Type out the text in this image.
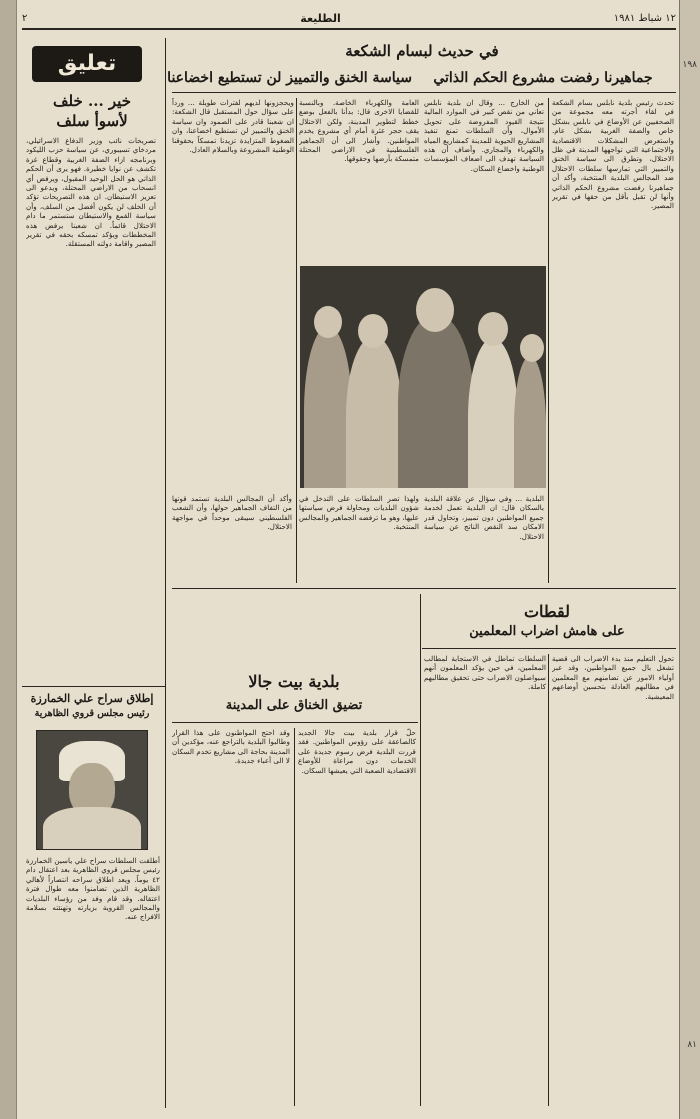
١٩٨
٨١
٢	الطليعة	١٢ شباط ١٩٨١
تعليق
خير ... خلف
لأسوأ سلف
تصريحات نائب وزير الدفاع الاسرائيلي، مردخاي تسيبوري، عن سياسة حزب الليكود وبرنامجه ازاء الضفة الغربية وقطاع غزة تكشف عن نوايا خطيرة. فهو يرى أن الحكم الذاتي هو الحل الوحيد المقبول، ويرفض أي انسحاب من الاراضي المحتلة، ويدعو الى تعزيز الاستيطان. ان هذه التصريحات تؤكد أن الخلف لن يكون أفضل من السلف، وأن سياسة القمع والاستيطان ستستمر ما دام الاحتلال قائماً. ان شعبنا يرفض هذه المخططات ويؤكد تمسكه بحقه في تقرير المصير واقامة دولته المستقلة.
إطلاق سراح علي الخمارزة
رئيس مجلس قروي الظاهرية
أطلقت السلطات سراح علي ياسين الخمارزة رئيس مجلس قروي الظاهرية بعد اعتقال دام ٤٢ يوماً. ويعد اطلاق سراحه انتصاراً لأهالي الظاهرية الذين تضامنوا معه طوال فترة اعتقاله. وقد قام وفد من رؤساء البلديات والمجالس القروية بزيارته وتهنئته بسلامة الافراج عنه.
في حديث لبسام الشكعة
جماهيرنا رفضت مشروع الحكم الذاتي
سياسة الخنق والتمييز لن تستطيع اخضاعنا
تحدث رئيس بلدية نابلس بسام الشكعة في لقاء أجرته معه مجموعة من الصحفيين عن الأوضاع في نابلس بشكل خاص والضفة الغربية بشكل عام. واستعرض المشكلات الاقتصادية والاجتماعية التي تواجهها المدينة في ظل الاحتلال، وتطرق الى سياسة الخنق والتمييز التي تمارسها سلطات الاحتلال ضد المجالس البلدية المنتخبة، وأكد أن جماهيرنا رفضت مشروع الحكم الذاتي وأنها لن تقبل بأقل من حقها في تقرير المصير.
من الخارج ... وقال ان بلدية نابلس تعاني من نقص كبير في الموارد المالية نتيجة القيود المفروضة على تحويل الأموال، وأن السلطات تمنع تنفيذ المشاريع الحيوية للمدينة كمشاريع المياه والكهرباء والمجاري. وأضاف أن هذه السياسة تهدف الى اضعاف المؤسسات الوطنية واخضاع السكان.
العامة والكهرباء الخاصة. وبالنسبة للقضايا الاخرى قال: بدأنا بالفعل بوضع خطط لتطوير المدينة، ولكن الاحتلال يقف حجر عثرة أمام أي مشروع يخدم المواطنين. وأشار الى أن الجماهير الفلسطينية في الاراضي المحتلة متمسكة بأرضها وحقوقها.
ويحجزونها لديهم لفترات طويلة ... ورداً على سؤال حول المستقبل قال الشكعة: ان شعبنا قادر على الصمود وان سياسة الخنق والتمييز لن تستطيع اخضاعنا، وان الضغوط المتزايدة تزيدنا تمسكاً بحقوقنا الوطنية المشروعة وبالسلام العادل.
البلدية ... وفي سؤال عن علاقة البلدية بالسكان قال: ان البلدية تعمل لخدمة جميع المواطنين دون تمييز، وتحاول قدر الامكان سد النقص الناتج عن سياسة الاحتلال.
ولهذا تصر السلطات على التدخل في شؤون البلديات ومحاولة فرض سياستها عليها، وهو ما ترفضه الجماهير والمجالس المنتخبة.
وأكد أن المجالس البلدية تستمد قوتها من التفاف الجماهير حولها، وأن الشعب الفلسطيني سيبقى موحداً في مواجهة الاحتلال.
لقطات
على هامش اضراب المعلمين
تحول التعليم منذ بدء الاضراب الى قضية تشغل بال جميع المواطنين، وقد عبر أولياء الامور عن تضامنهم مع المعلمين في مطالبهم العادلة بتحسين أوضاعهم المعيشية.
السلطات تماطل في الاستجابة لمطالب المعلمين، في حين يؤكد المعلمون أنهم سيواصلون الاضراب حتى تحقيق مطالبهم كاملة.
بلدية بيت جالا
تضيق الخناق على المدينة
حلّ قرار بلدية بيت جالا الجديد كالصاعقة على رؤوس المواطنين. فقد قررت البلدية فرض رسوم جديدة على الخدمات دون مراعاة للأوضاع الاقتصادية الصعبة التي يعيشها السكان.
وقد احتج المواطنون على هذا القرار وطالبوا البلدية بالتراجع عنه، مؤكدين أن المدينة بحاجة الى مشاريع تخدم السكان لا الى أعباء جديدة.
